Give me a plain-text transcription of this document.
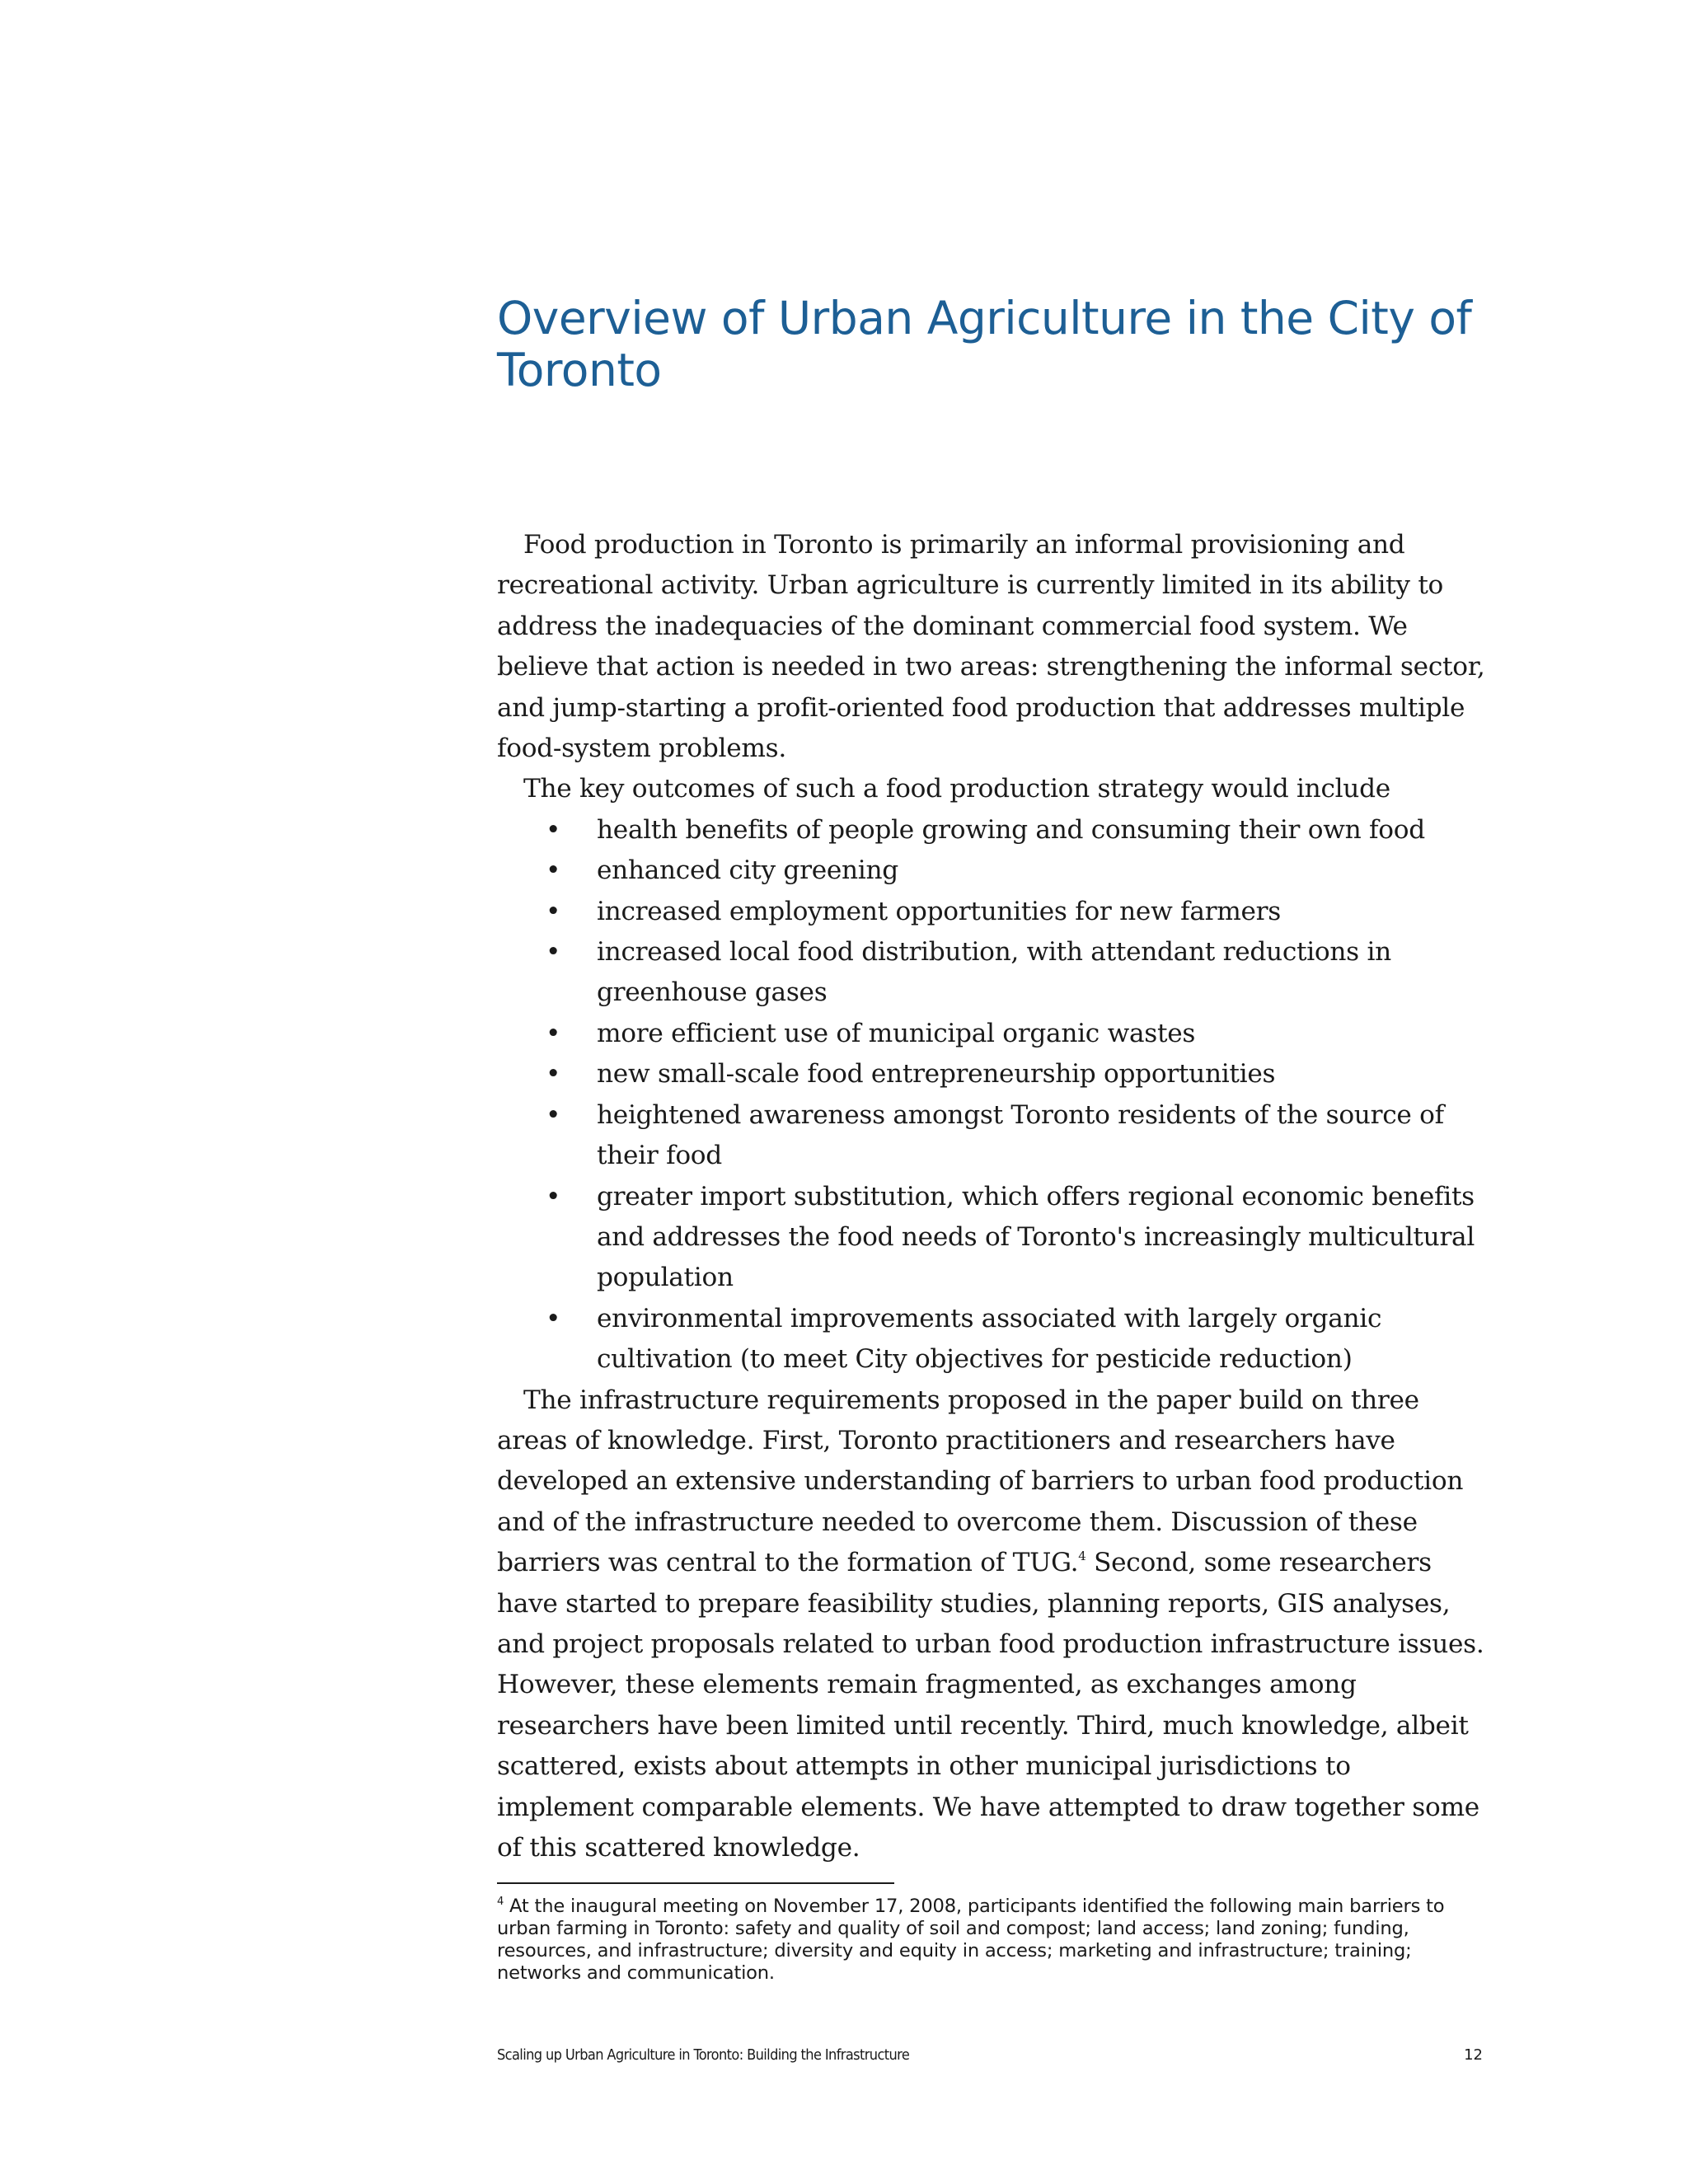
Overview of Urban Agriculture in the City of Toronto

Food production in Toronto is primarily an informal provisioning and recreational activity. Urban agriculture is currently limited in its ability to address the inadequacies of the dominant commercial food system. We believe that action is needed in two areas: strengthening the informal sector, and jump-starting a profit-oriented food production that addresses multiple food-system problems.

The key outcomes of such a food production strategy would include

• health benefits of people growing and consuming their own food
• enhanced city greening
• increased employment opportunities for new farmers
• increased local food distribution, with attendant reductions in greenhouse gases
• more efficient use of municipal organic wastes
• new small-scale food entrepreneurship opportunities
• heightened awareness amongst Toronto residents of the source of their food
• greater import substitution, which offers regional economic benefits and addresses the food needs of Toronto's increasingly multicultural population
• environmental improvements associated with largely organic cultivation (to meet City objectives for pesticide reduction)

The infrastructure requirements proposed in the paper build on three areas of knowledge. First, Toronto practitioners and researchers have developed an extensive understanding of barriers to urban food production and of the infrastructure needed to overcome them. Discussion of these barriers was central to the formation of TUG.$^4$ Second, some researchers have started to prepare feasibility studies, planning reports, GIS analyses, and project proposals related to urban food production infrastructure issues. However, these elements remain fragmented, as exchanges among researchers have been limited until recently. Third, much knowledge, albeit scattered, exists about attempts in other municipal jurisdictions to implement comparable elements. We have attempted to draw together some of this scattered knowledge.

$^4$ At the inaugural meeting on November 17, 2008, participants identified the following main barriers to urban farming in Toronto: safety and quality of soil and compost; land access; land zoning; funding, resources, and infrastructure; diversity and equity in access; marketing and infrastructure; training; networks and communication.
Scaling up Urban Agriculture in Toronto: Building the Infrastructure	12
